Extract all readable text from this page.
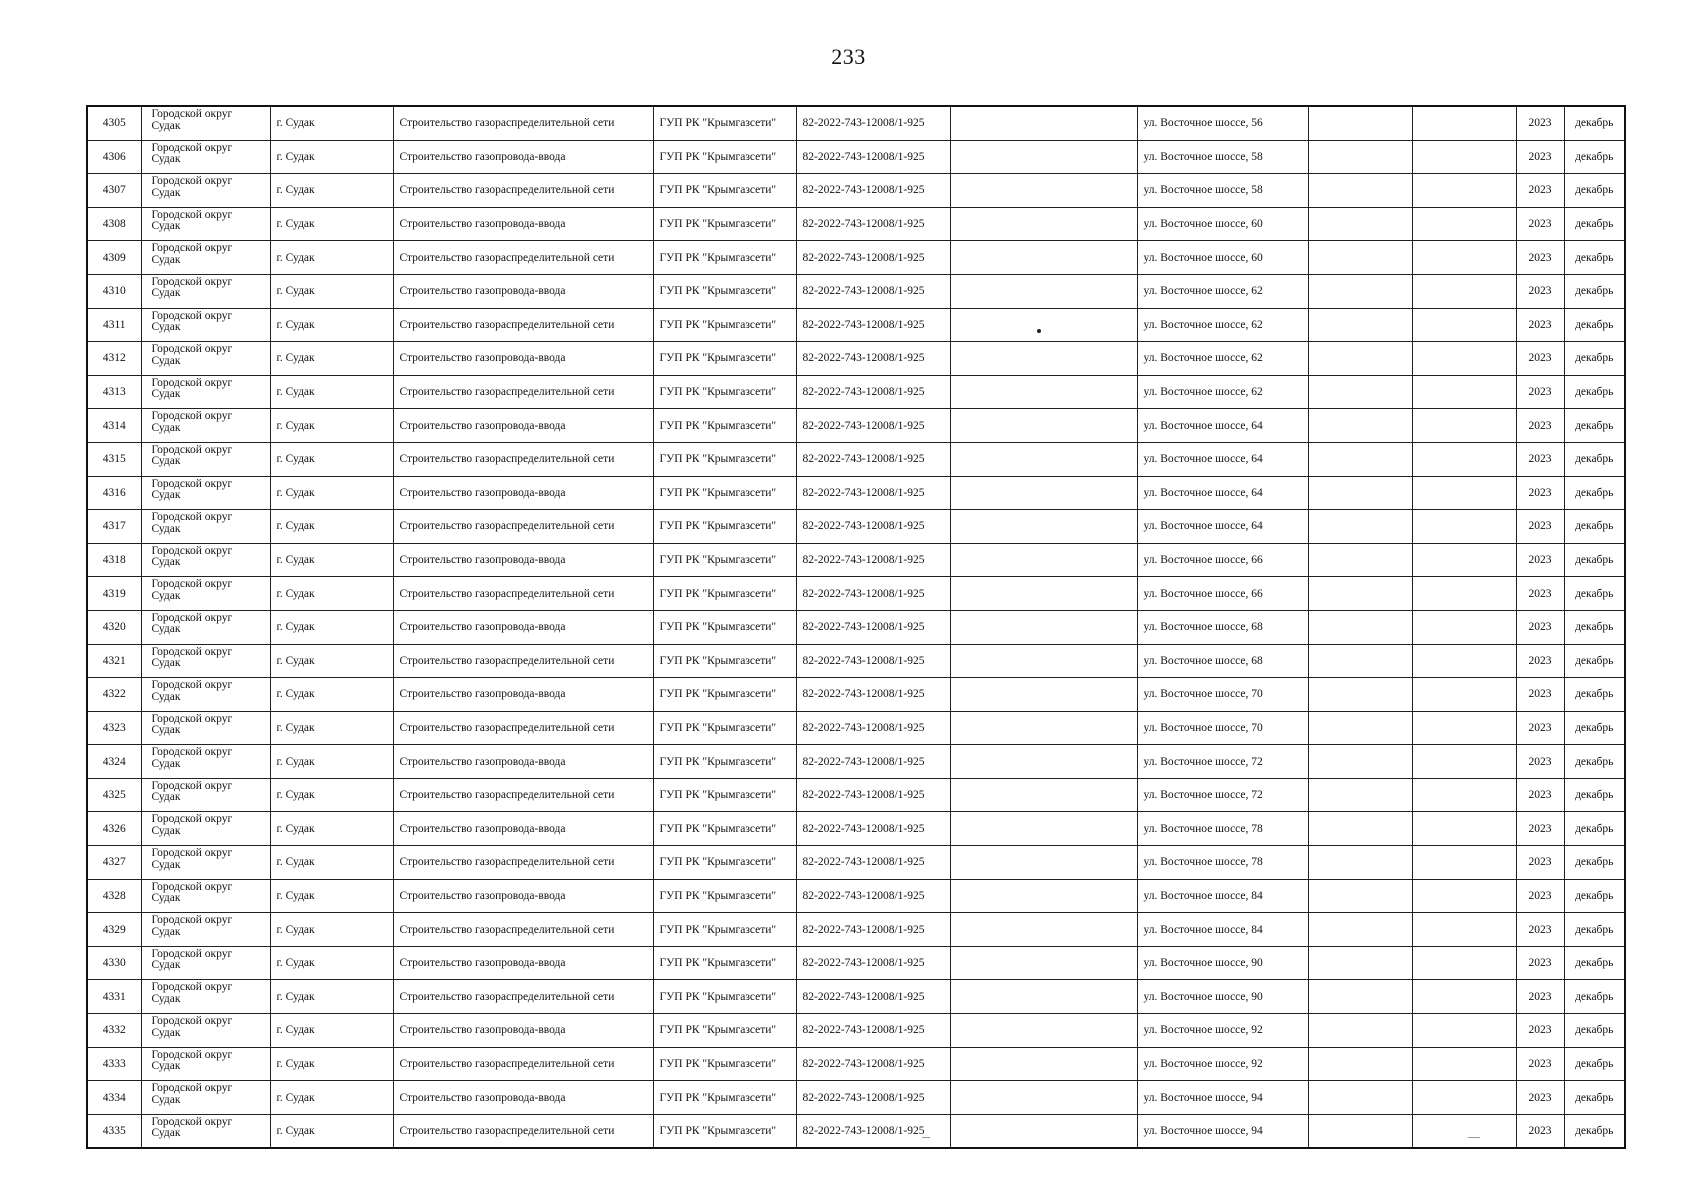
233
4305	Городской округ Судак	г. Судак	Строительство газораспределительной сети	ГУП РК "Крымгазсети"	82-2022-743-12008/1-925		ул. Восточное шоссе, 56			2023	декабрь
4306	Городской округ Судак	г. Судак	Строительство газопровода-ввода	ГУП РК "Крымгазсети"	82-2022-743-12008/1-925		ул. Восточное шоссе, 58			2023	декабрь
4307	Городской округ Судак	г. Судак	Строительство газораспределительной сети	ГУП РК "Крымгазсети"	82-2022-743-12008/1-925		ул. Восточное шоссе, 58			2023	декабрь
4308	Городской округ Судак	г. Судак	Строительство газопровода-ввода	ГУП РК "Крымгазсети"	82-2022-743-12008/1-925		ул. Восточное шоссе, 60			2023	декабрь
4309	Городской округ Судак	г. Судак	Строительство газораспределительной сети	ГУП РК "Крымгазсети"	82-2022-743-12008/1-925		ул. Восточное шоссе, 60			2023	декабрь
4310	Городской округ Судак	г. Судак	Строительство газопровода-ввода	ГУП РК "Крымгазсети"	82-2022-743-12008/1-925		ул. Восточное шоссе, 62			2023	декабрь
4311	Городской округ Судак	г. Судак	Строительство газораспределительной сети	ГУП РК "Крымгазсети"	82-2022-743-12008/1-925		ул. Восточное шоссе, 62			2023	декабрь
4312	Городской округ Судак	г. Судак	Строительство газопровода-ввода	ГУП РК "Крымгазсети"	82-2022-743-12008/1-925		ул. Восточное шоссе, 62			2023	декабрь
4313	Городской округ Судак	г. Судак	Строительство газораспределительной сети	ГУП РК "Крымгазсети"	82-2022-743-12008/1-925		ул. Восточное шоссе, 62			2023	декабрь
4314	Городской округ Судак	г. Судак	Строительство газопровода-ввода	ГУП РК "Крымгазсети"	82-2022-743-12008/1-925		ул. Восточное шоссе, 64			2023	декабрь
4315	Городской округ Судак	г. Судак	Строительство газораспределительной сети	ГУП РК "Крымгазсети"	82-2022-743-12008/1-925		ул. Восточное шоссе, 64			2023	декабрь
4316	Городской округ Судак	г. Судак	Строительство газопровода-ввода	ГУП РК "Крымгазсети"	82-2022-743-12008/1-925		ул. Восточное шоссе, 64			2023	декабрь
4317	Городской округ Судак	г. Судак	Строительство газораспределительной сети	ГУП РК "Крымгазсети"	82-2022-743-12008/1-925		ул. Восточное шоссе, 64			2023	декабрь
4318	Городской округ Судак	г. Судак	Строительство газопровода-ввода	ГУП РК "Крымгазсети"	82-2022-743-12008/1-925		ул. Восточное шоссе, 66			2023	декабрь
4319	Городской округ Судак	г. Судак	Строительство газораспределительной сети	ГУП РК "Крымгазсети"	82-2022-743-12008/1-925		ул. Восточное шоссе, 66			2023	декабрь
4320	Городской округ Судак	г. Судак	Строительство газопровода-ввода	ГУП РК "Крымгазсети"	82-2022-743-12008/1-925		ул. Восточное шоссе, 68			2023	декабрь
4321	Городской округ Судак	г. Судак	Строительство газораспределительной сети	ГУП РК "Крымгазсети"	82-2022-743-12008/1-925		ул. Восточное шоссе, 68			2023	декабрь
4322	Городской округ Судак	г. Судак	Строительство газопровода-ввода	ГУП РК "Крымгазсети"	82-2022-743-12008/1-925		ул. Восточное шоссе, 70			2023	декабрь
4323	Городской округ Судак	г. Судак	Строительство газораспределительной сети	ГУП РК "Крымгазсети"	82-2022-743-12008/1-925		ул. Восточное шоссе, 70			2023	декабрь
4324	Городской округ Судак	г. Судак	Строительство газопровода-ввода	ГУП РК "Крымгазсети"	82-2022-743-12008/1-925		ул. Восточное шоссе, 72			2023	декабрь
4325	Городской округ Судак	г. Судак	Строительство газораспределительной сети	ГУП РК "Крымгазсети"	82-2022-743-12008/1-925		ул. Восточное шоссе, 72			2023	декабрь
4326	Городской округ Судак	г. Судак	Строительство газопровода-ввода	ГУП РК "Крымгазсети"	82-2022-743-12008/1-925		ул. Восточное шоссе, 78			2023	декабрь
4327	Городской округ Судак	г. Судак	Строительство газораспределительной сети	ГУП РК "Крымгазсети"	82-2022-743-12008/1-925		ул. Восточное шоссе, 78			2023	декабрь
4328	Городской округ Судак	г. Судак	Строительство газопровода-ввода	ГУП РК "Крымгазсети"	82-2022-743-12008/1-925		ул. Восточное шоссе, 84			2023	декабрь
4329	Городской округ Судак	г. Судак	Строительство газораспределительной сети	ГУП РК "Крымгазсети"	82-2022-743-12008/1-925		ул. Восточное шоссе, 84			2023	декабрь
4330	Городской округ Судак	г. Судак	Строительство газопровода-ввода	ГУП РК "Крымгазсети"	82-2022-743-12008/1-925		ул. Восточное шоссе, 90			2023	декабрь
4331	Городской округ Судак	г. Судак	Строительство газораспределительной сети	ГУП РК "Крымгазсети"	82-2022-743-12008/1-925		ул. Восточное шоссе, 90			2023	декабрь
4332	Городской округ Судак	г. Судак	Строительство газопровода-ввода	ГУП РК "Крымгазсети"	82-2022-743-12008/1-925		ул. Восточное шоссе, 92			2023	декабрь
4333	Городской округ Судак	г. Судак	Строительство газораспределительной сети	ГУП РК "Крымгазсети"	82-2022-743-12008/1-925		ул. Восточное шоссе, 92			2023	декабрь
4334	Городской округ Судак	г. Судак	Строительство газопровода-ввода	ГУП РК "Крымгазсети"	82-2022-743-12008/1-925		ул. Восточное шоссе, 94			2023	декабрь
4335	Городской округ Судак	г. Судак	Строительство газораспределительной сети	ГУП РК "Крымгазсети"	82-2022-743-12008/1-925		ул. Восточное шоссе, 94			2023	декабрь
